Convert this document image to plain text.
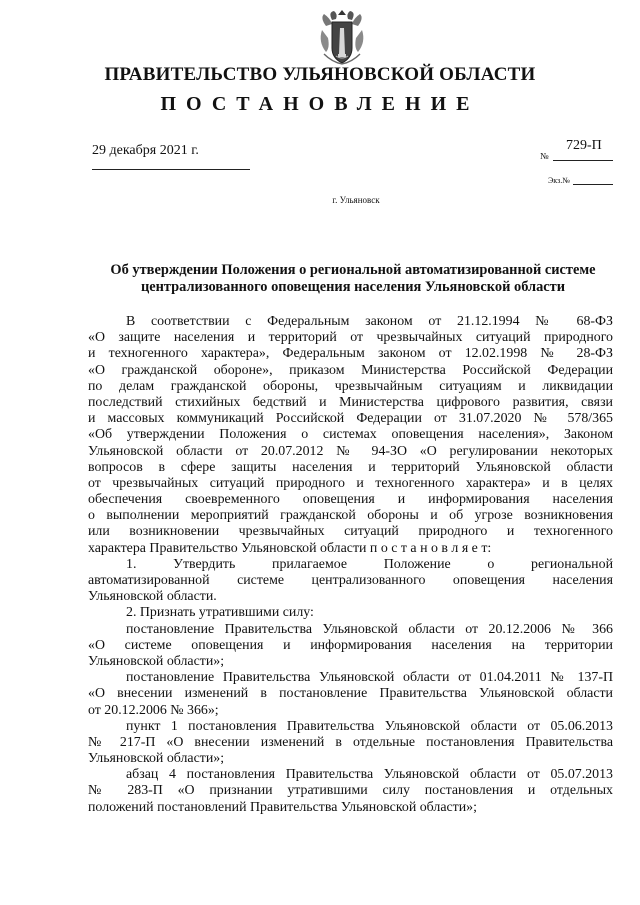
ПРАВИТЕЛЬСТВО УЛЬЯНОВСКОЙ ОБЛАСТИ
ПОСТАНОВЛЕНИЕ
29 декабря 2021 г.	729-П
№
Экз.№
г. Ульяновск
Об утверждении Положения о региональной автоматизированной системе
централизованного оповещения населения Ульяновской области
В соответствии с Федеральным законом от 21.12.1994 № 68-ФЗ
«О защите населения и территорий от чрезвычайных ситуаций природного
и техногенного характера», Федеральным законом от 12.02.1998 № 28-ФЗ
«О гражданской обороне», приказом Министерства Российской Федерации
по делам гражданской обороны, чрезвычайным ситуациям и ликвидации
последствий стихийных бедствий и Министерства цифрового развития, связи
и массовых коммуникаций Российской Федерации от 31.07.2020 № 578/365
«Об утверждении Положения о системах оповещения населения», Законом
Ульяновской области от 20.07.2012 № 94-ЗО «О регулировании некоторых
вопросов в сфере защиты населения и территорий Ульяновской области
от чрезвычайных ситуаций природного и техногенного характера» и в целях
обеспечения своевременного оповещения и информирования населения
о выполнении мероприятий гражданской обороны и об угрозе возникновения
или возникновении чрезвычайных ситуаций природного и техногенного
характера Правительство Ульяновской области п о с т а н о в л я е т:
1. Утвердить прилагаемое Положение о региональной
автоматизированной системе централизованного оповещения населения
Ульяновской области.
2. Признать утратившими силу:
постановление Правительства Ульяновской области от 20.12.2006 № 366
«О системе оповещения и информирования населения на территории
Ульяновской области»;
постановление Правительства Ульяновской области от 01.04.2011 № 137-П
«О внесении изменений в постановление Правительства Ульяновской области
от 20.12.2006 № 366»;
пункт 1 постановления Правительства Ульяновской области от 05.06.2013
№ 217-П «О внесении изменений в отдельные постановления Правительства
Ульяновской области»;
абзац 4 постановления Правительства Ульяновской области от 05.07.2013
№ 283-П «О признании утратившими силу постановления и отдельных
положений постановлений Правительства Ульяновской области»;
